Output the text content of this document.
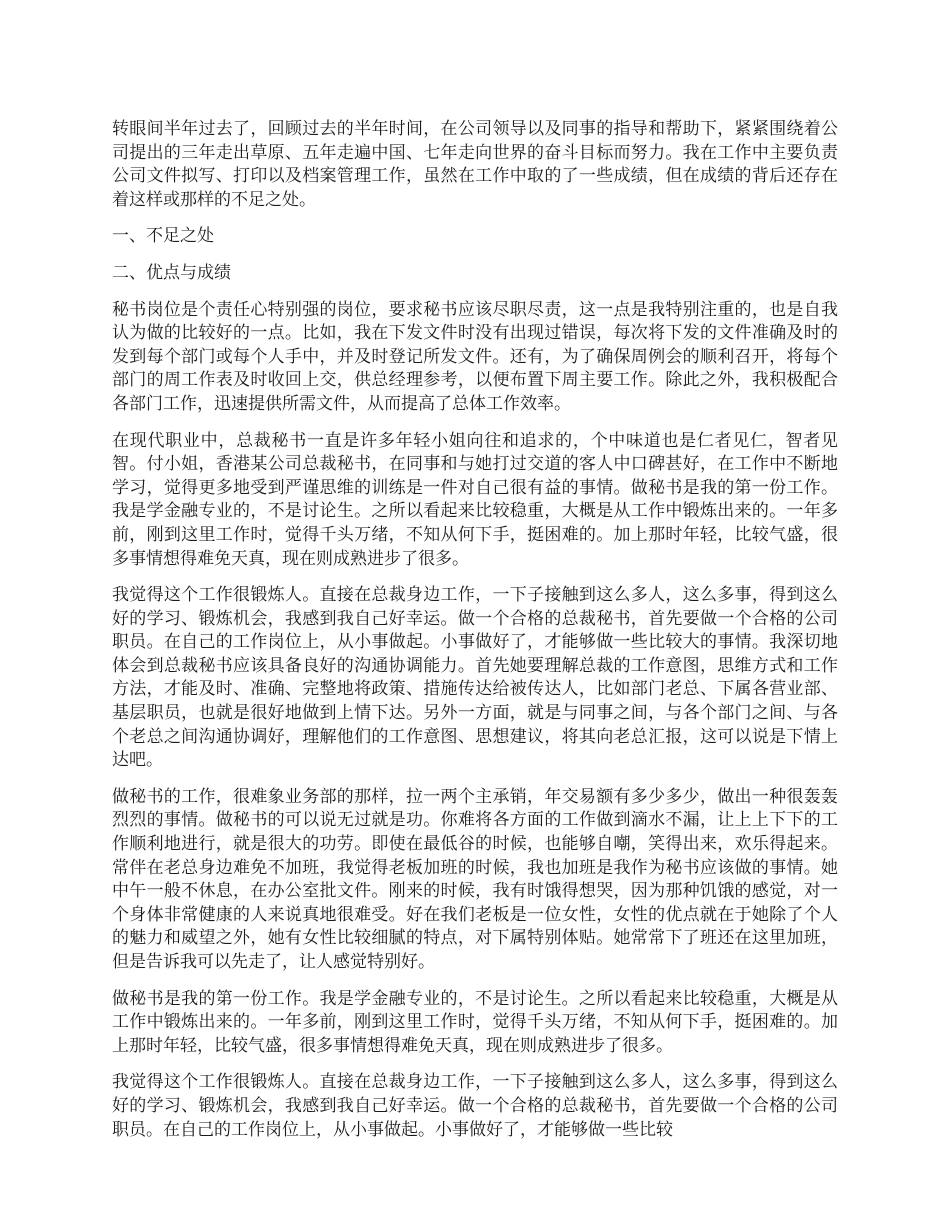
转眼间半年过去了，回顾过去的半年时间，在公司领导以及同事的指导和帮助下，紧紧围绕着公司提出的三年走出草原、五年走遍中国、七年走向世界的奋斗目标而努力。我在工作中主要负责公司文件拟写、打印以及档案管理工作，虽然在工作中取的了一些成绩，但在成绩的背后还存在着这样或那样的不足之处。

一、不足之处

二、优点与成绩

秘书岗位是个责任心特别强的岗位，要求秘书应该尽职尽责，这一点是我特别注重的，也是自我认为做的比较好的一点。比如，我在下发文件时没有出现过错误，每次将下发的文件准确及时的发到每个部门或每个人手中，并及时登记所发文件。还有，为了确保周例会的顺利召开，将每个部门的周工作表及时收回上交，供总经理参考，以便布置下周主要工作。除此之外，我积极配合各部门工作，迅速提供所需文件，从而提高了总体工作效率。

在现代职业中，总裁秘书一直是许多年轻小姐向往和追求的，个中味道也是仁者见仁，智者见智。付小姐，香港某公司总裁秘书，在同事和与她打过交道的客人中口碑甚好，在工作中不断地学习，觉得更多地受到严谨思维的训练是一件对自己很有益的事情。做秘书是我的第一份工作。我是学金融专业的，不是讨论生。之所以看起来比较稳重，大概是从工作中锻炼出来的。一年多前，刚到这里工作时，觉得千头万绪，不知从何下手，挺困难的。加上那时年轻，比较气盛，很多事情想得难免天真，现在则成熟进步了很多。

我觉得这个工作很锻炼人。直接在总裁身边工作，一下子接触到这么多人，这么多事，得到这么好的学习、锻炼机会，我感到我自己好幸运。做一个合格的总裁秘书，首先要做一个合格的公司职员。在自己的工作岗位上，从小事做起。小事做好了，才能够做一些比较大的事情。我深切地体会到总裁秘书应该具备良好的沟通协调能力。首先她要理解总裁的工作意图，思维方式和工作方法，才能及时、准确、完整地将政策、措施传达给被传达人，比如部门老总、下属各营业部、基层职员，也就是很好地做到上情下达。另外一方面，就是与同事之间，与各个部门之间、与各个老总之间沟通协调好，理解他们的工作意图、思想建议，将其向老总汇报，这可以说是下情上达吧。

做秘书的工作，很难象业务部的那样，拉一两个主承销，年交易额有多少多少，做出一种很轰轰烈烈的事情。做秘书的可以说无过就是功。你难将各方面的工作做到滴水不漏，让上上下下的工作顺利地进行，就是很大的功劳。即使在最低谷的时候，也能够自嘲，笑得出来，欢乐得起来。常伴在老总身边难免不加班，我觉得老板加班的时候，我也加班是我作为秘书应该做的事情。她中午一般不休息，在办公室批文件。刚来的时候，我有时饿得想哭，因为那种饥饿的感觉，对一个身体非常健康的人来说真地很难受。好在我们老板是一位女性，女性的优点就在于她除了个人的魅力和威望之外，她有女性比较细腻的特点，对下属特别体贴。她常常下了班还在这里加班，但是告诉我可以先走了，让人感觉特别好。

做秘书是我的第一份工作。我是学金融专业的，不是讨论生。之所以看起来比较稳重，大概是从工作中锻炼出来的。一年多前，刚到这里工作时，觉得千头万绪，不知从何下手，挺困难的。加上那时年轻，比较气盛，很多事情想得难免天真，现在则成熟进步了很多。

我觉得这个工作很锻炼人。直接在总裁身边工作，一下子接触到这么多人，这么多事，得到这么好的学习、锻炼机会，我感到我自己好幸运。做一个合格的总裁秘书，首先要做一个合格的公司职员。在自己的工作岗位上，从小事做起。小事做好了，才能够做一些比较
